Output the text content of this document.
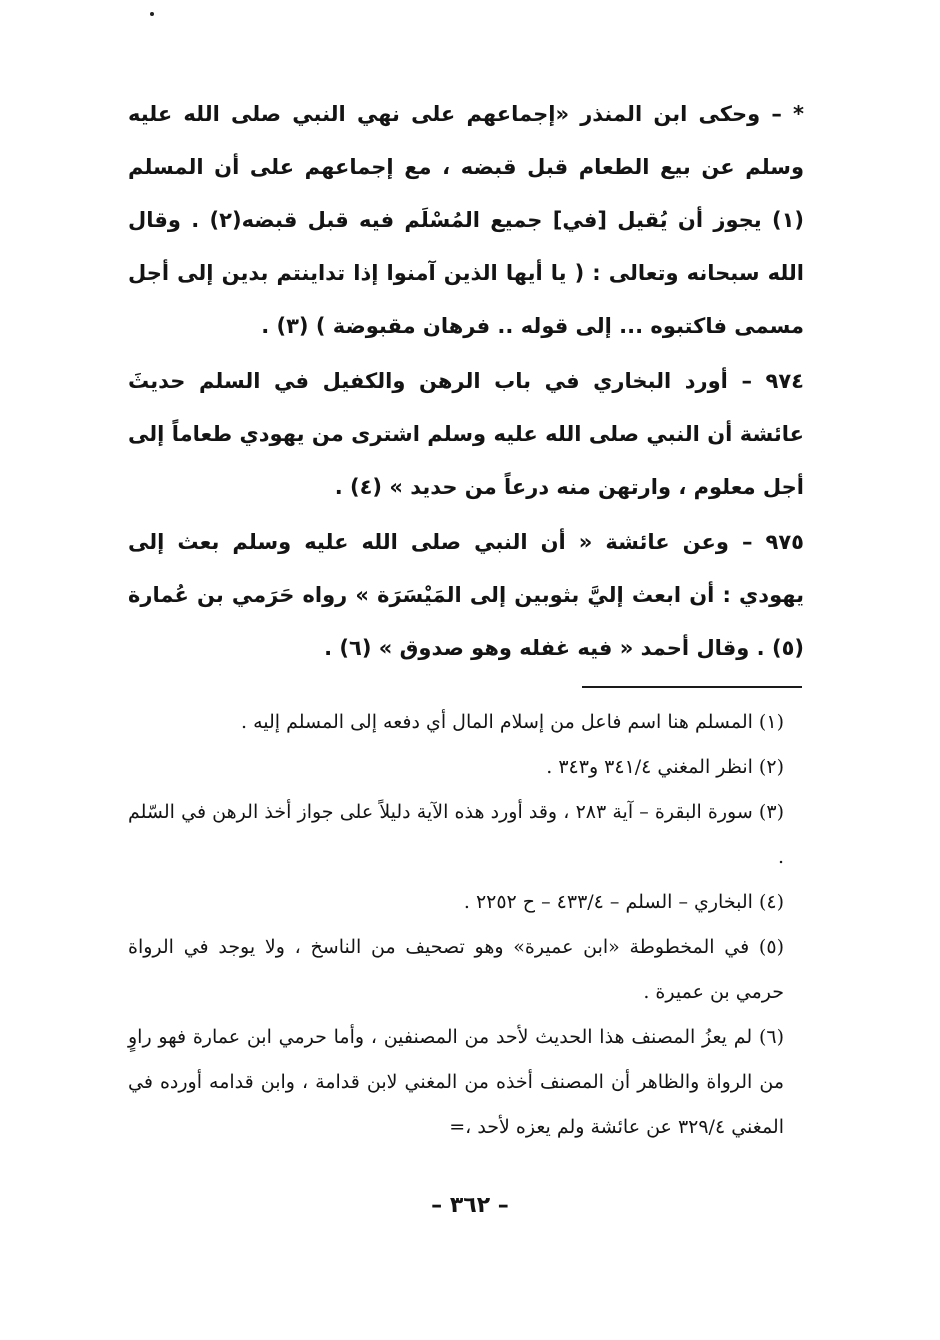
* – وحكى ابن المنذر «إجماعهم على نهي النبي صلى الله عليه وسلم عن بيع الطعام قبل قبضه ، مع إجماعهم على أن المسلم (١) يجوز أن يُقيل [في] جميع المُسْلَم فيه قبل قبضه(٢) . وقال الله سبحانه وتعالى : ( يا أيها الذين آمنوا إذا تداينتم بدين إلى أجل مسمى فاكتبوه ... إلى قوله .. فرهان مقبوضة ) (٣) .

٩٧٤ – أورد البخاري في باب الرهن والكفيل في السلم حديثَ عائشة أن النبي صلى الله عليه وسلم اشترى من يهودي طعاماً إلى أجل معلوم ، وارتهن منه درعاً من حديد » (٤) .

٩٧٥ – وعن عائشة « أن النبي صلى الله عليه وسلم بعث إلى يهودي : أن ابعث إليَّ بثوبين إلى المَيْسَرَة » رواه حَرَمي بن عُمارة (٥) . وقال أحمد « فيه غفله وهو صدوق » (٦) .

(١) المسلم هنا اسم فاعل من إسلام المال أي دفعه إلى المسلم إليه .

(٢) انظر المغني ٣٤١/٤ و٣٤٣ .

(٣) سورة البقرة – آية ٢٨٣ ، وقد أورد هذه الآية دليلاً على جواز أخذ الرهن في السّلم .

(٤) البخاري – السلم – ٤٣٣/٤ – ح ٢٢٥٢ .

(٥) في المخطوطة «ابن عميرة» وهو تصحيف من الناسخ ، ولا يوجد في الرواة حرمي بن عميرة .

(٦) لم يعزُ المصنف هذا الحديث لأحد من المصنفين ، وأما حرمي ابن عمارة فهو راوٍ من الرواة والظاهر أن المصنف أخذه من المغني لابن قدامة ، وابن قدامه أورده في المغني ٣٢٩/٤ عن عائشة ولم يعزه لأحد ،=

– ٣٦٢ –
